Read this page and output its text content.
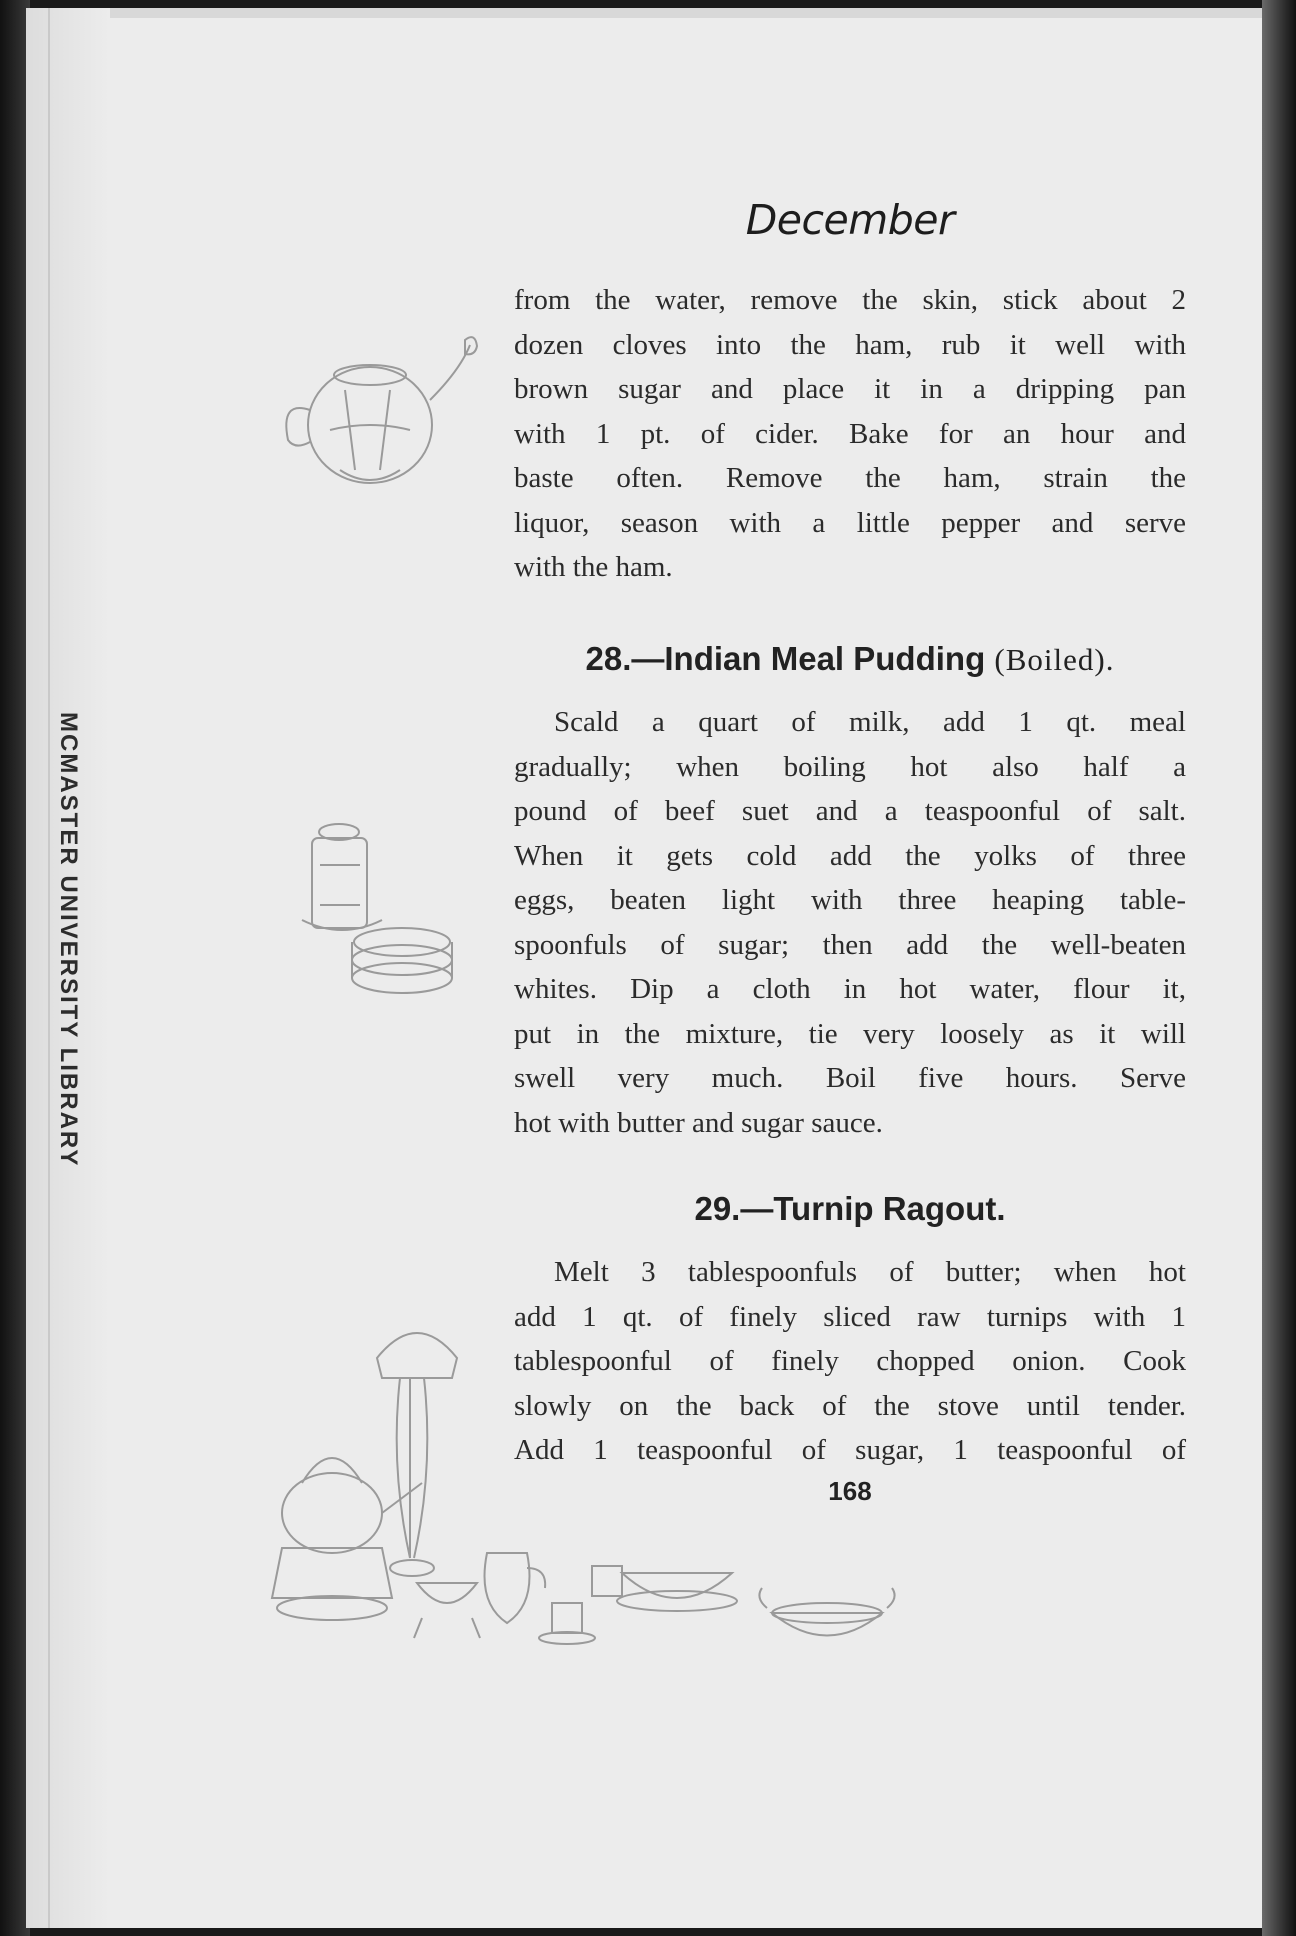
MCMASTER UNIVERSITY LIBRARY
December
from the water, remove the skin, stick about 2
dozen cloves into the ham, rub it well with
brown sugar and place it in a dripping pan
with 1 pt. of cider. Bake for an hour and
baste often. Remove the ham, strain the
liquor, season with a little pepper and serve
with the ham.
28.—Indian Meal Pudding (Boiled).
Scald a quart of milk, add 1 qt. meal
gradually; when boiling hot also half a
pound of beef suet and a teaspoonful of salt.
When it gets cold add the yolks of three
eggs, beaten light with three heaping table-
spoonfuls of sugar; then add the well-beaten
whites. Dip a cloth in hot water, flour it,
put in the mixture, tie very loosely as it will
swell very much. Boil five hours. Serve
hot with butter and sugar sauce.
29.—Turnip Ragout.
Melt 3 tablespoonfuls of butter; when hot
add 1 qt. of finely sliced raw turnips with 1
tablespoonful of finely chopped onion. Cook
slowly on the back of the stove until tender.
Add 1 teaspoonful of sugar, 1 teaspoonful of
168
